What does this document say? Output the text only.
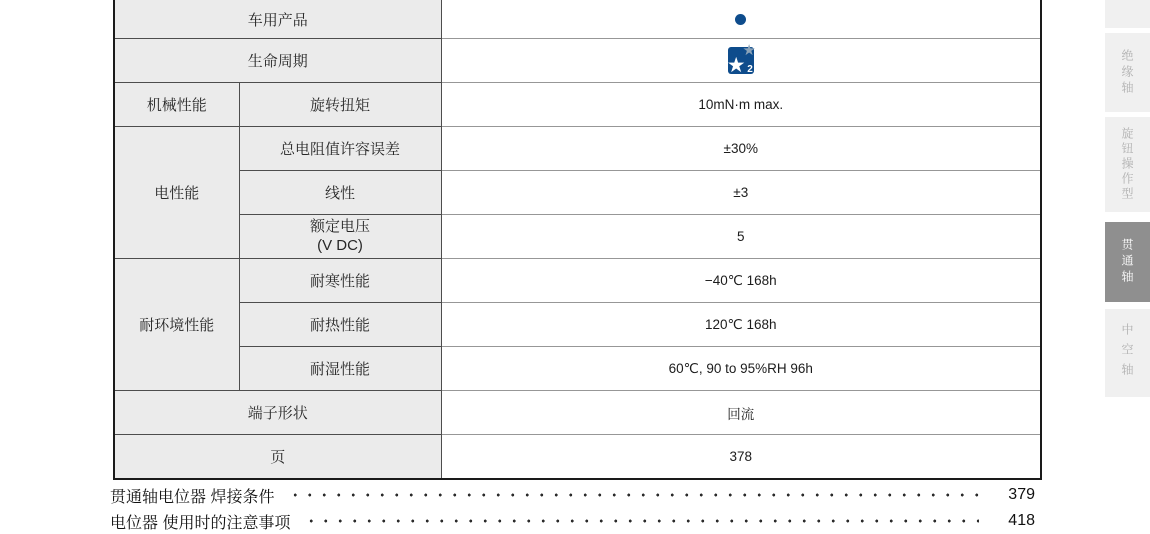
车用产品		
生命周期		★
★ 2

机械性能	旋转扭矩	10mN·m max.
电性能	总电阻值许容误差	±30%
	线性	±3

	额定电压
(V DC)	5
耐环境性能	耐寒性能	−40℃ 168h
	耐热性能	120℃ 168h
	耐湿性能	60℃, 90 to 95%RH 96h
端子形状		回流
页		378
贯通轴电位器 焊接条件	379
电位器 使用时的注意事项	418
绝缘轴
旋钮操作型
贯通轴
中空轴
